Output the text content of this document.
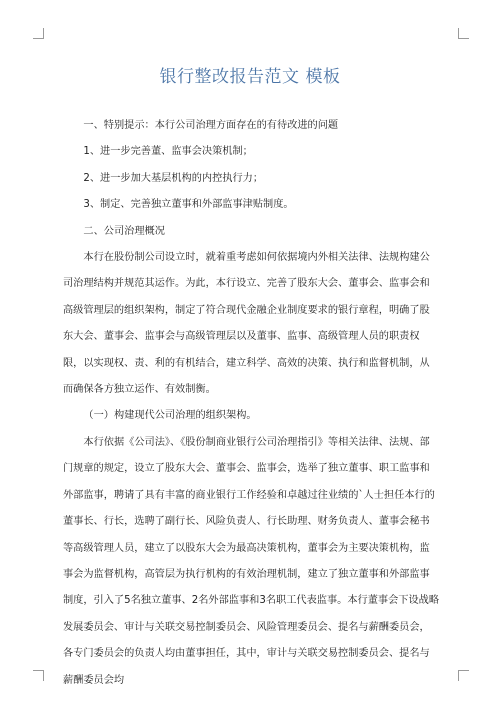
银行整改报告范文 模板

一、特别提示：本行公司治理方面存在的有待改进的问题

1、进一步完善董、监事会决策机制；

2、进一步加大基层机构的内控执行力；

3、制定、完善独立董事和外部监事津贴制度。

二、公司治理概况

本行在股份制公司设立时，就着重考虑如何依据境内外相关法律、法规构建公司治理结构并规范其运作。为此，本行设立、完善了股东大会、董事会、监事会和高级管理层的组织架构，制定了符合现代金融企业制度要求的银行章程，明确了股东大会、董事会、监事会与高级管理层以及董事、监事、高级管理人员的职责权限，以实现权、责、利的有机结合，建立科学、高效的决策、执行和监督机制，从而确保各方独立运作、有效制衡。

（一）构建现代公司治理的组织架构。

本行依据《公司法》、《股份制商业银行公司治理指引》等相关法律、法规、部门规章的规定，设立了股东大会、董事会、监事会，选举了独立董事、职工监事和外部监事，聘请了具有丰富的商业银行工作经验和卓越过往业绩的`人士担任本行的董事长、行长，选聘了副行长、风险负责人、行长助理、财务负责人、董事会秘书等高级管理人员，建立了以股东大会为最高决策机构，董事会为主要决策机构，监事会为监督机构，高管层为执行机构的有效治理机制，建立了独立董事和外部监事制度，引入了5名独立董事、2名外部监事和3名职工代表监事。本行董事会下设战略发展委员会、审计与关联交易控制委员会、风险管理委员会、提名与薪酬委员会，各专门委员会的负责人均由董事担任，其中，审计与关联交易控制委员会、提名与薪酬委员会均
